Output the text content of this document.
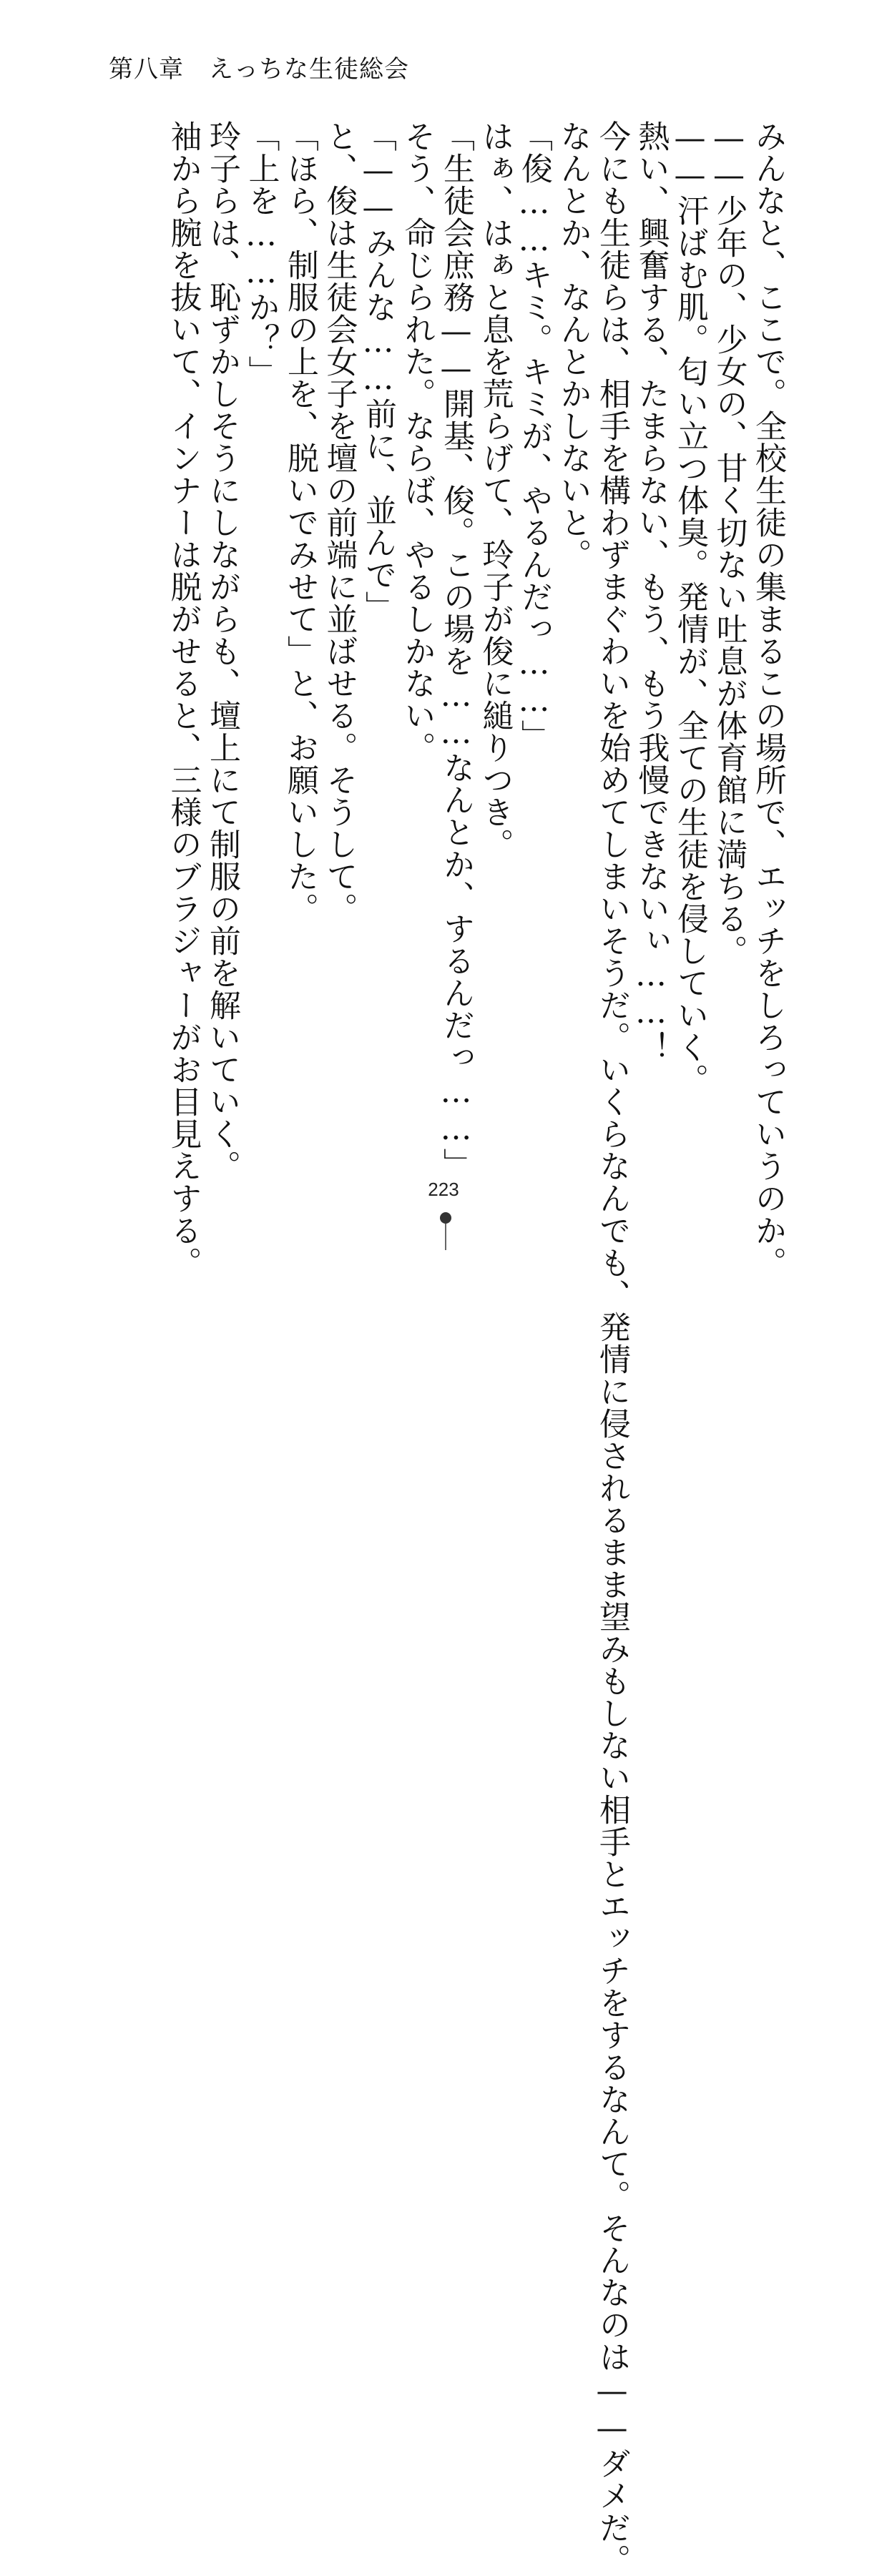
第八章　えっちな生徒総会

みんなと、ここで。全校生徒の集まるこの場所で、エッチをしろっていうのか。

——少年の、少女の、甘く切ない吐息が体育館に満ちる。

——汗ばむ肌。匂い立つ体臭。発情が、全ての生徒を侵していく。

熱い、興奮する、たまらない、もう、もう我慢できないぃ……！

今にも生徒らは、相手を構わずまぐわいを始めてしまいそうだ。いくらなんでも、発情に侵されるまま望みもしない相手とエッチをするなんて。そんなのは——ダメだ。

なんとか、なんとかしないと。

「俊……キミ。キミが、やるんだっ……」

はぁ、はぁと息を荒らげて、玲子が俊に縋りつき。

「生徒会庶務——開基、俊。この場を……なんとか、するんだっ……」

そう、命じられた。ならば、やるしかない。

「——みんな……前に、並んで」

と、俊は生徒会女子を壇の前端に並ばせる。そうして。

「ほら、制服の上を、脱いでみせて」と、お願いした。

「上を……か？」

玲子らは、恥ずかしそうにしながらも、壇上にて制服の前を解いていく。

袖から腕を抜いて、インナーは脱がせると、三様のブラジャーがお目見えする。	223
